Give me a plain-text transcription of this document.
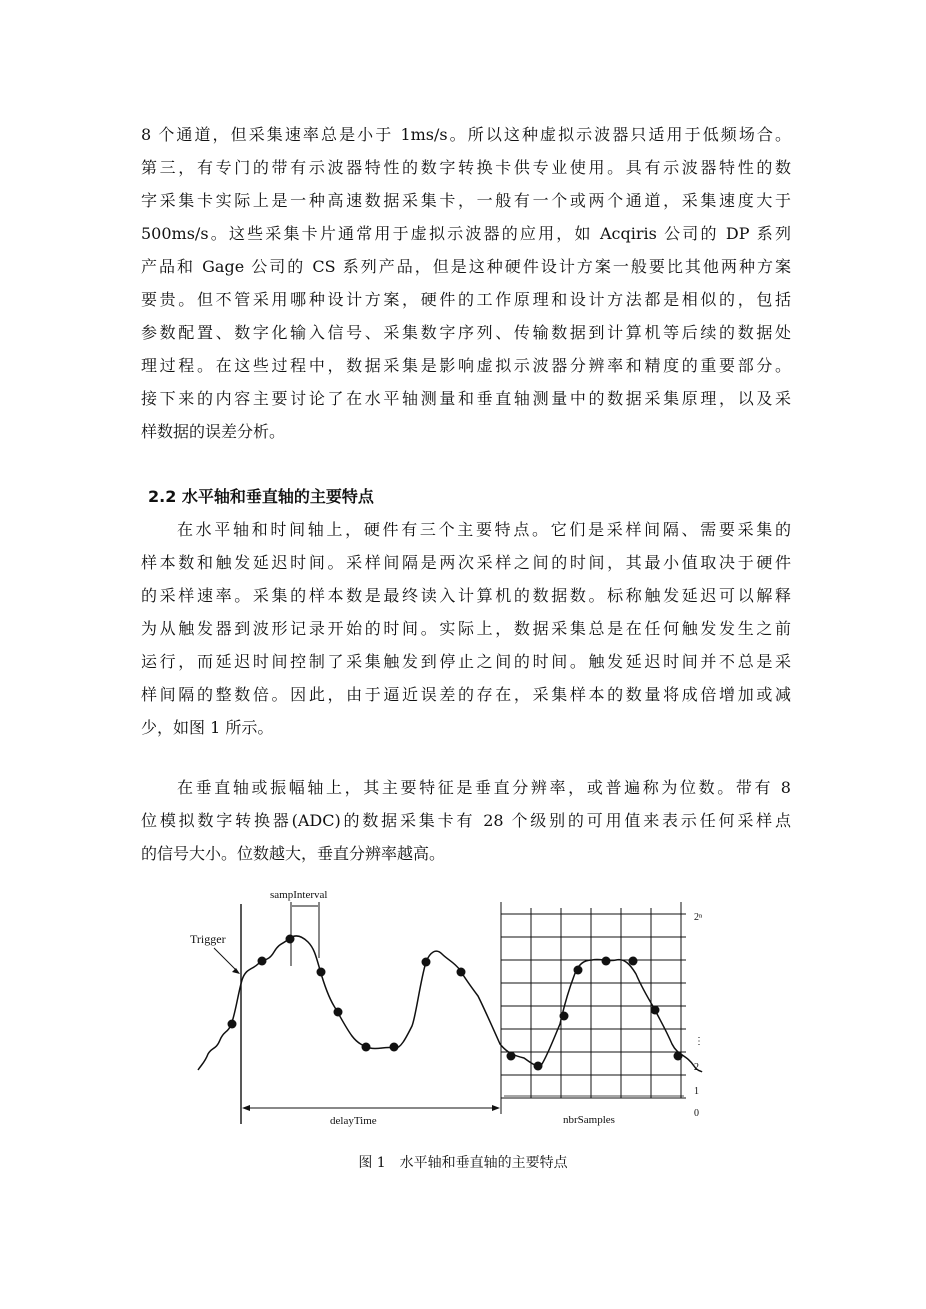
8 个通道，但采集速率总是小于 1ms/s。所以这种虚拟示波器只适用于低频场合。
第三，有专门的带有示波器特性的数字转换卡供专业使用。具有示波器特性的数
字采集卡实际上是一种高速数据采集卡，一般有一个或两个通道，采集速度大于
500ms/s。这些采集卡片通常用于虚拟示波器的应用，如 Acqiris 公司的 DP 系列
产品和 Gage 公司的 CS 系列产品，但是这种硬件设计方案一般要比其他两种方案
要贵。但不管采用哪种设计方案，硬件的工作原理和设计方法都是相似的，包括
参数配置、数字化输入信号、采集数字序列、传输数据到计算机等后续的数据处
理过程。在这些过程中，数据采集是影响虚拟示波器分辨率和精度的重要部分。
接下来的内容主要讨论了在水平轴测量和垂直轴测量中的数据采集原理，以及采
样数据的误差分析。
2.2 水平轴和垂直轴的主要特点
在水平轴和时间轴上，硬件有三个主要特点。它们是采样间隔、需要采集的
样本数和触发延迟时间。采样间隔是两次采样之间的时间，其最小值取决于硬件
的采样速率。采集的样本数是最终读入计算机的数据数。标称触发延迟可以解释
为从触发器到波形记录开始的时间。实际上，数据采集总是在任何触发发生之前
运行，而延迟时间控制了采集触发到停止之间的时间。触发延迟时间并不总是采
样间隔的整数倍。因此，由于逼近误差的存在，采集样本的数量将成倍增加或减
少，如图 1 所示。
在垂直轴或振幅轴上，其主要特征是垂直分辨率，或普遍称为位数。带有 8
位模拟数字转换器(ADC)的数据采集卡有 28 个级别的可用值来表示任何采样点
的信号大小。位数越大，垂直分辨率越高。
sampInterval
Trigger
delayTime	nbrSamples
2ⁿ
⋮
2
1
0
图 1 水平轴和垂直轴的主要特点
